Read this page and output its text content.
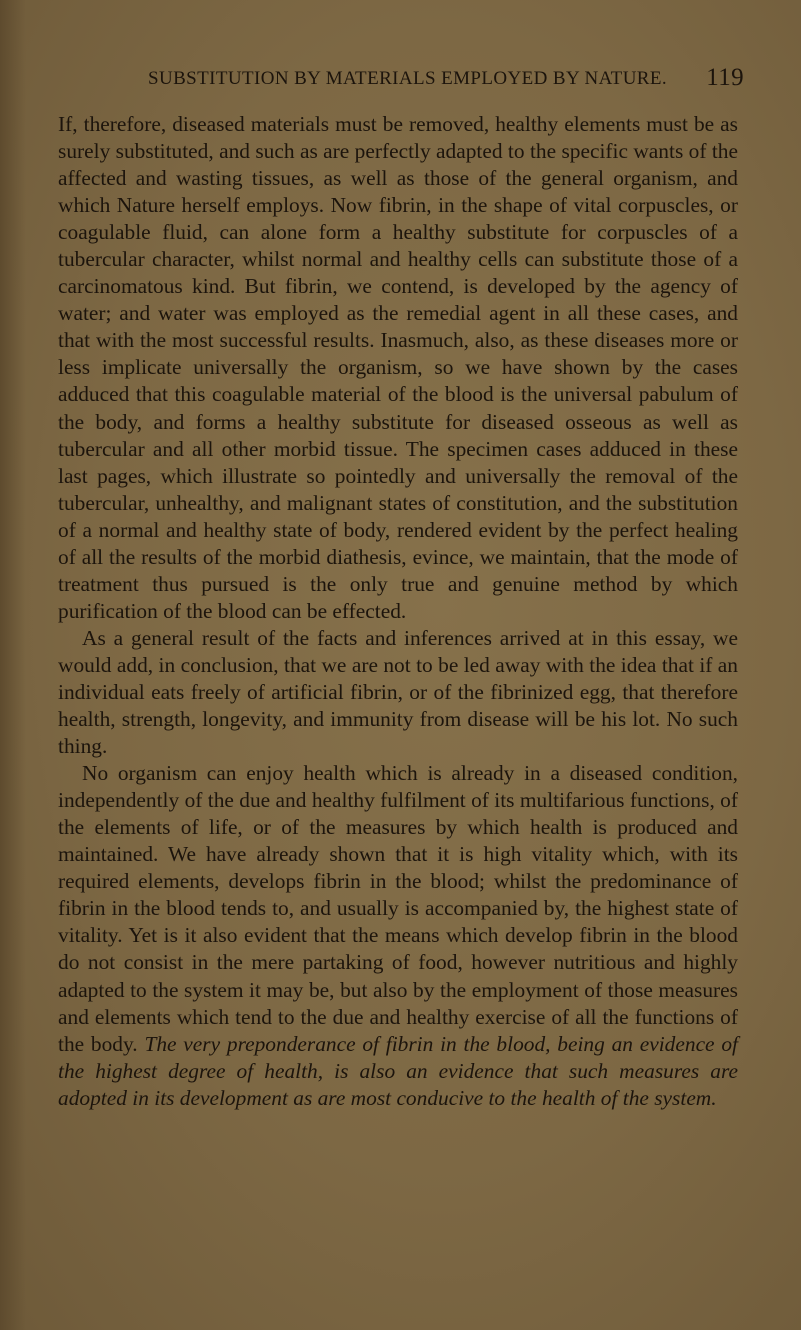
SUBSTITUTION BY MATERIALS EMPLOYED BY NATURE. 119

If, therefore, diseased materials must be removed, healthy elements must be as surely substituted, and such as are perfectly adapted to the specific wants of the affected and wasting tissues, as well as those of the general organism, and which Nature herself employs. Now fibrin, in the shape of vital corpuscles, or coagulable fluid, can alone form a healthy substitute for corpuscles of a tubercular character, whilst normal and healthy cells can substitute those of a carcinomatous kind. But fibrin, we contend, is developed by the agency of water; and water was employed as the remedial agent in all these cases, and that with the most successful results. Inasmuch, also, as these diseases more or less implicate universally the organism, so we have shown by the cases adduced that this coagulable material of the blood is the universal pabulum of the body, and forms a healthy substitute for diseased osseous as well as tubercular and all other morbid tissue. The specimen cases adduced in these last pages, which illustrate so pointedly and universally the removal of the tubercular, unhealthy, and malignant states of constitution, and the substitution of a normal and healthy state of body, rendered evident by the perfect healing of all the results of the morbid diathesis, evince, we maintain, that the mode of treatment thus pursued is the only true and genuine method by which purification of the blood can be effected.

As a general result of the facts and inferences arrived at in this essay, we would add, in conclusion, that we are not to be led away with the idea that if an individual eats freely of artificial fibrin, or of the fibrinized egg, that therefore health, strength, longevity, and immunity from disease will be his lot. No such thing.

No organism can enjoy health which is already in a diseased condition, independently of the due and healthy fulfilment of its multifarious functions, of the elements of life, or of the measures by which health is produced and maintained. We have already shown that it is high vitality which, with its required elements, develops fibrin in the blood; whilst the predominance of fibrin in the blood tends to, and usually is accompanied by, the highest state of vitality. Yet is it also evident that the means which develop fibrin in the blood do not consist in the mere partaking of food, however nutritious and highly adapted to the system it may be, but also by the employment of those measures and elements which tend to the due and healthy exercise of all the functions of the body. The very preponderance of fibrin in the blood, being an evidence of the highest degree of health, is also an evidence that such measures are adopted in its development as are most conducive to the health of the system.
